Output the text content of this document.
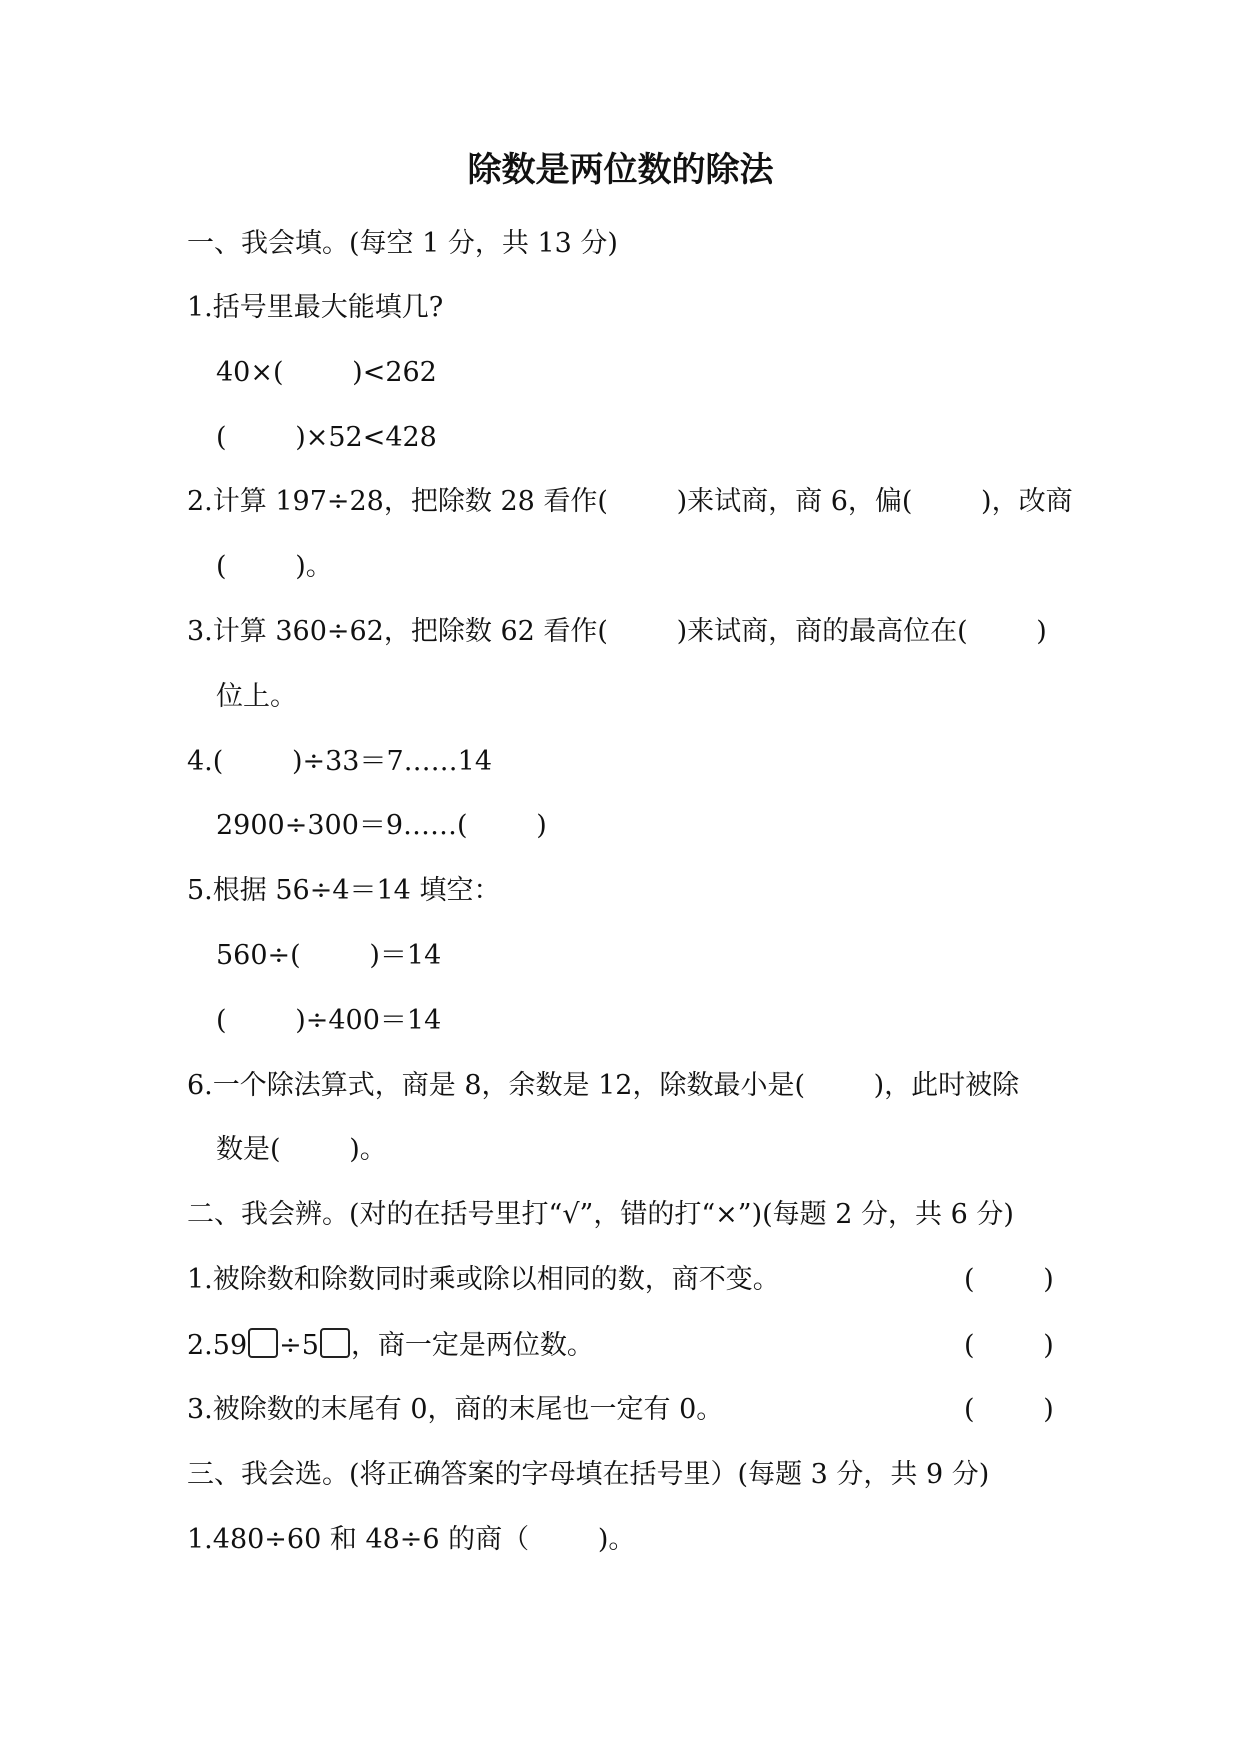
除数是两位数的除法
一、我会填。(每空 1 分，共 13 分)
1.括号里最大能填几?
40×(        )<262
(        )×52<428
2.计算 197÷28，把除数 28 看作(        )来试商，商 6，偏(        )，改商
(        )。
3.计算 360÷62，把除数 62 看作(        )来试商，商的最高位在(        )
位上。
4.(        )÷33＝7……14
2900÷300＝9……(        )
5.根据 56÷4＝14 填空：
560÷(        )＝14
(        )÷400＝14
6.一个除法算式，商是 8，余数是 12，除数最小是(        )，此时被除
数是(        )。
二、我会辨。(对的在括号里打“√”，错的打“×”)(每题 2 分，共 6 分)
1.被除数和除数同时乘或除以相同的数，商不变。	(        )
2.59 ÷5 ，商一定是两位数。	(        )
3.被除数的末尾有 0，商的末尾也一定有 0。	(        )
三、我会选。(将正确答案的字母填在括号里）(每题 3 分，共 9 分)
1.480÷60 和 48÷6 的商（        )。
